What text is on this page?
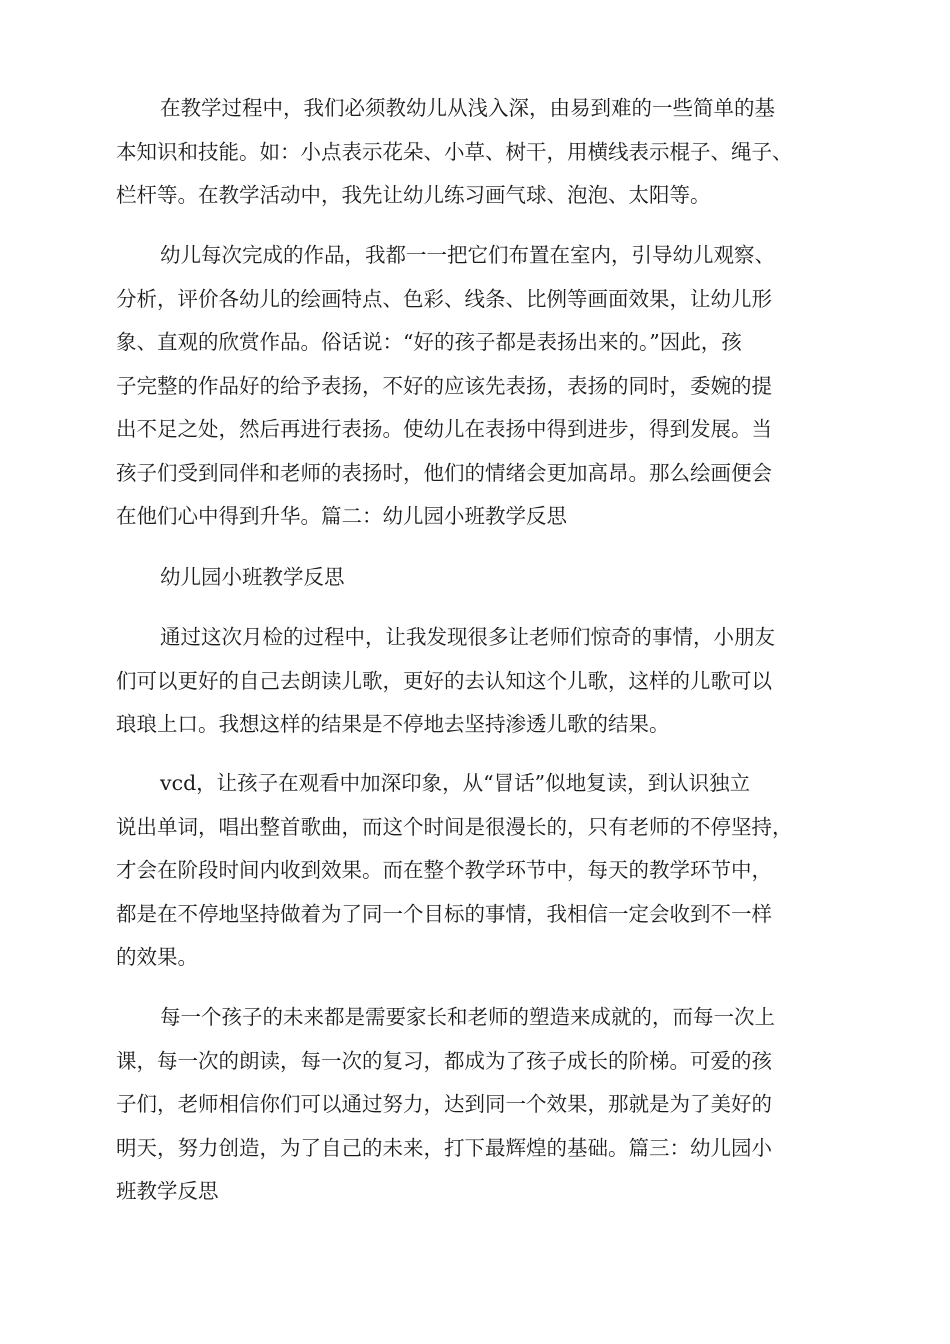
在教学过程中，我们必须教幼儿从浅入深，由易到难的一些简单的基
本知识和技能。如：小点表示花朵、小草、树干，用横线表示棍子、绳子、
栏杆等。在教学活动中，我先让幼儿练习画气球、泡泡、太阳等。

幼儿每次完成的作品，我都一一把它们布置在室内，引导幼儿观察、
分析，评价各幼儿的绘画特点、色彩、线条、比例等画面效果，让幼儿形
象、直观的欣赏作品。俗话说：“好的孩子都是表扬出来的。”因此，孩
子完整的作品好的给予表扬，不好的应该先表扬，表扬的同时，委婉的提
出不足之处，然后再进行表扬。使幼儿在表扬中得到进步，得到发展。当
孩子们受到同伴和老师的表扬时，他们的情绪会更加高昂。那么绘画便会
在他们心中得到升华。篇二：幼儿园小班教学反思

幼儿园小班教学反思

通过这次月检的过程中，让我发现很多让老师们惊奇的事情，小朋友
们可以更好的自己去朗读儿歌，更好的去认知这个儿歌，这样的儿歌可以
琅琅上口。我想这样的结果是不停地去坚持渗透儿歌的结果。

vcd，让孩子在观看中加深印象，从“冒话”似地复读，到认识独立
说出单词，唱出整首歌曲，而这个时间是很漫长的，只有老师的不停坚持，
才会在阶段时间内收到效果。而在整个教学环节中，每天的教学环节中，
都是在不停地坚持做着为了同一个目标的事情，我相信一定会收到不一样
的效果。

每一个孩子的未来都是需要家长和老师的塑造来成就的，而每一次上
课，每一次的朗读，每一次的复习，都成为了孩子成长的阶梯。可爱的孩
子们，老师相信你们可以通过努力，达到同一个效果，那就是为了美好的
明天，努力创造，为了自己的未来，打下最辉煌的基础。篇三：幼儿园小
班教学反思
